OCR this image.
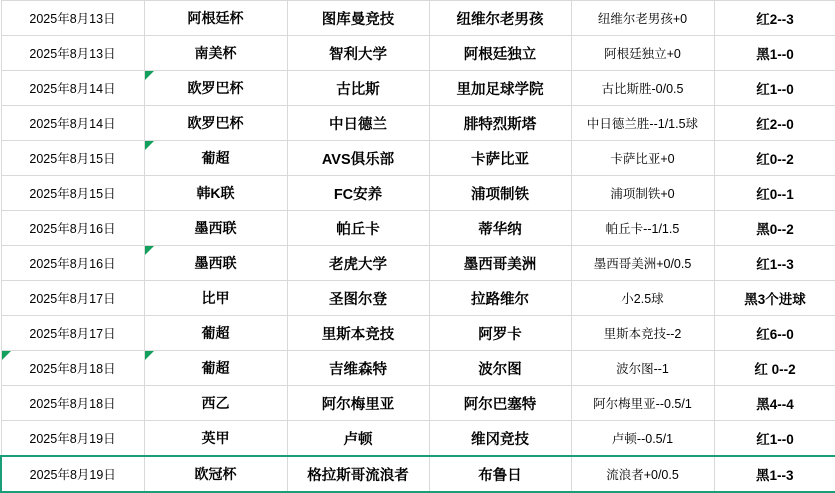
2025年8月13日	阿根廷杯	图库曼竞技	纽维尔老男孩	纽维尔老男孩+0	红2--3
2025年8月13日	南美杯	智利大学	阿根廷独立	阿根廷独立+0	黑1--0
2025年8月14日	欧罗巴杯	古比斯	里加足球学院	古比斯胜-0/0.5	红1--0
2025年8月14日	欧罗巴杯	中日德兰	腓特烈斯塔	中日德兰胜--1/1.5球	红2--0
2025年8月15日	葡超	AVS俱乐部	卡萨比亚	卡萨比亚+0	红0--2
2025年8月15日	韩K联	FC安养	浦项制铁	浦项制铁+0	红0--1
2025年8月16日	墨西联	帕丘卡	蒂华纳	帕丘卡--1/1.5	黑0--2
2025年8月16日	墨西联	老虎大学	墨西哥美洲	墨西哥美洲+0/0.5	红1--3
2025年8月17日	比甲	圣图尔登	拉路维尔	小2.5球	黑3个进球
2025年8月17日	葡超	里斯本竞技	阿罗卡	里斯本竞技--2	红6--0
2025年8月18日	葡超	吉维森特	波尔图	波尔图--1	红 0--2
2025年8月18日	西乙	阿尔梅里亚	阿尔巴塞特	阿尔梅里亚--0.5/1	黑4--4
2025年8月19日	英甲	卢顿	维冈竞技	卢顿--0.5/1	红1--0
2025年8月19日	欧冠杯	格拉斯哥流浪者	布鲁日	流浪者+0/0.5	黑1--3
